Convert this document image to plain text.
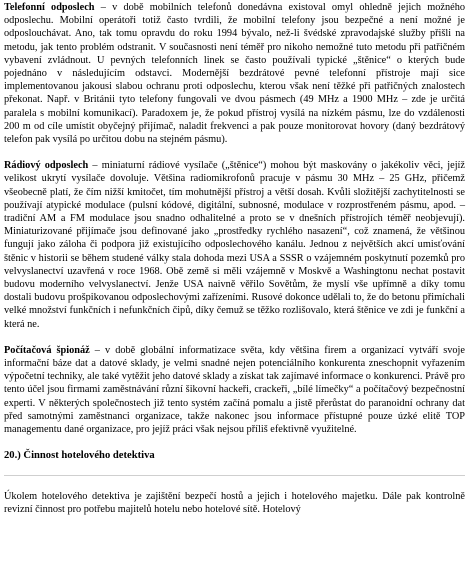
Telefonní odposlech – v době mobilních telefonů donedávna existoval omyl ohledně jejich možného odposlechu. Mobilní operátoři totiž často tvrdili, že mobilní telefony jsou bezpečné a není možné je odposlouchávat. Ano, tak tomu opravdu do roku 1994 bývalo, než-li švédské zpravodajské služby přišli na metodu, jak tento problém odstranit. V současnosti není téměř pro nikoho nemožné tuto metodu při patřičném vybavení zvládnout. U pevných telefonních linek se často používali typické „štěnice“ o kterých bude pojednáno v následujícím odstavci. Modernější bezdrátové pevné telefonní přístroje mají sice implementovanou jakousi slabou ochranu proti odposlechu, kterou však není těžké při patřičných znalostech překonat. Např. v Británii tyto telefony fungovali ve dvou pásmech (49 MHz a 1900 MHz – zde je určitá paralela s mobilní komunikací). Paradoxem je, že pokud přístroj vysílá na nízkém pásmu, lze do vzdálenosti 200 m od cíle umístit obyčejný přijímač, naladit frekvenci a pak pouze monitorovat hovory (daný bezdrátový telefon pak vysílá po určitou dobu na stejném pásmu).

Rádiový odposlech – miniaturní rádiové vysílače („štěnice“) mohou být maskovány o jakékoliv věci, jejíž velikost ukrytí vysílače dovoluje. Většina radiomikrofonů pracuje v pásmu 30 MHz – 25 GHz, přičemž všeobecně platí, že čím nižší kmitočet, tím mohutnější přístroj a větší dosah. Kvůli složitější zachytitelnosti se používají atypické modulace (pulsní kódové, digitální, subnosné, modulace v rozprostřeném pásmu, apod. – tradiční AM a FM modulace jsou snadno odhalitelné a proto se v dnešních přístrojích téměř neobjevují). Miniaturizované přijímače jsou definované jako „prostředky rychlého nasazení“, což znamená, že většinou fungují jako záloha či podpora již existujícího odposlechového kanálu. Jednou z největších akcí umisťování štěnic v historii se během studené války stala dohoda mezi USA a SSSR o vzájemném poskytnutí pozemků pro velvyslanectví uzavřená v roce 1968. Obě země si měli vzájemně v Moskvě a Washingtonu nechat postavit budovu moderního velvyslanectví. Jenže USA naivně věřilo Sovětům, že myslí vše upřímně a díky tomu dostali budovu prošpikovanou odposlechovými zařízeními. Rusové dokonce udělali to, že do betonu přimíchali velké množství funkčních i nefunkčních čipů, díky čemuž se těžko rozlišovalo, která štěnice ve zdi je funkční a která ne.

Počítačová špionáž – v době globální informatizace světa, kdy většina firem a organizací vytváří svoje informační báze dat a datové sklady, je velmi snadné nejen potenciálního konkurenta zneschopnit vyřazením výpočetní techniky, ale také vytěžit jeho datové sklady a získat tak zajímavé informace o konkurenci. Právě pro tento účel jsou firmami zaměstnávání různí šikovní hackeři, crackeři, „bílé límečky“ a počítačový bezpečnostní experti. V některých společnostech již tento systém začíná pomalu a jistě přerůstat do paranoidní ochrany dat před samotnými zaměstnanci organizace, takže nakonec jsou informace přístupné pouze úzké elitě TOP managementu dané organizace, pro jejíž práci však nejsou příliš efektivně využitelné.

20.) Činnost hotelového detektiva

Úkolem hotelového detektiva je zajištění bezpečí hostů a jejich i hotelového majetku. Dále pak kontrolně revizní činnost pro potřebu majitelů hotelu nebo hotelové sítě. Hotelový
